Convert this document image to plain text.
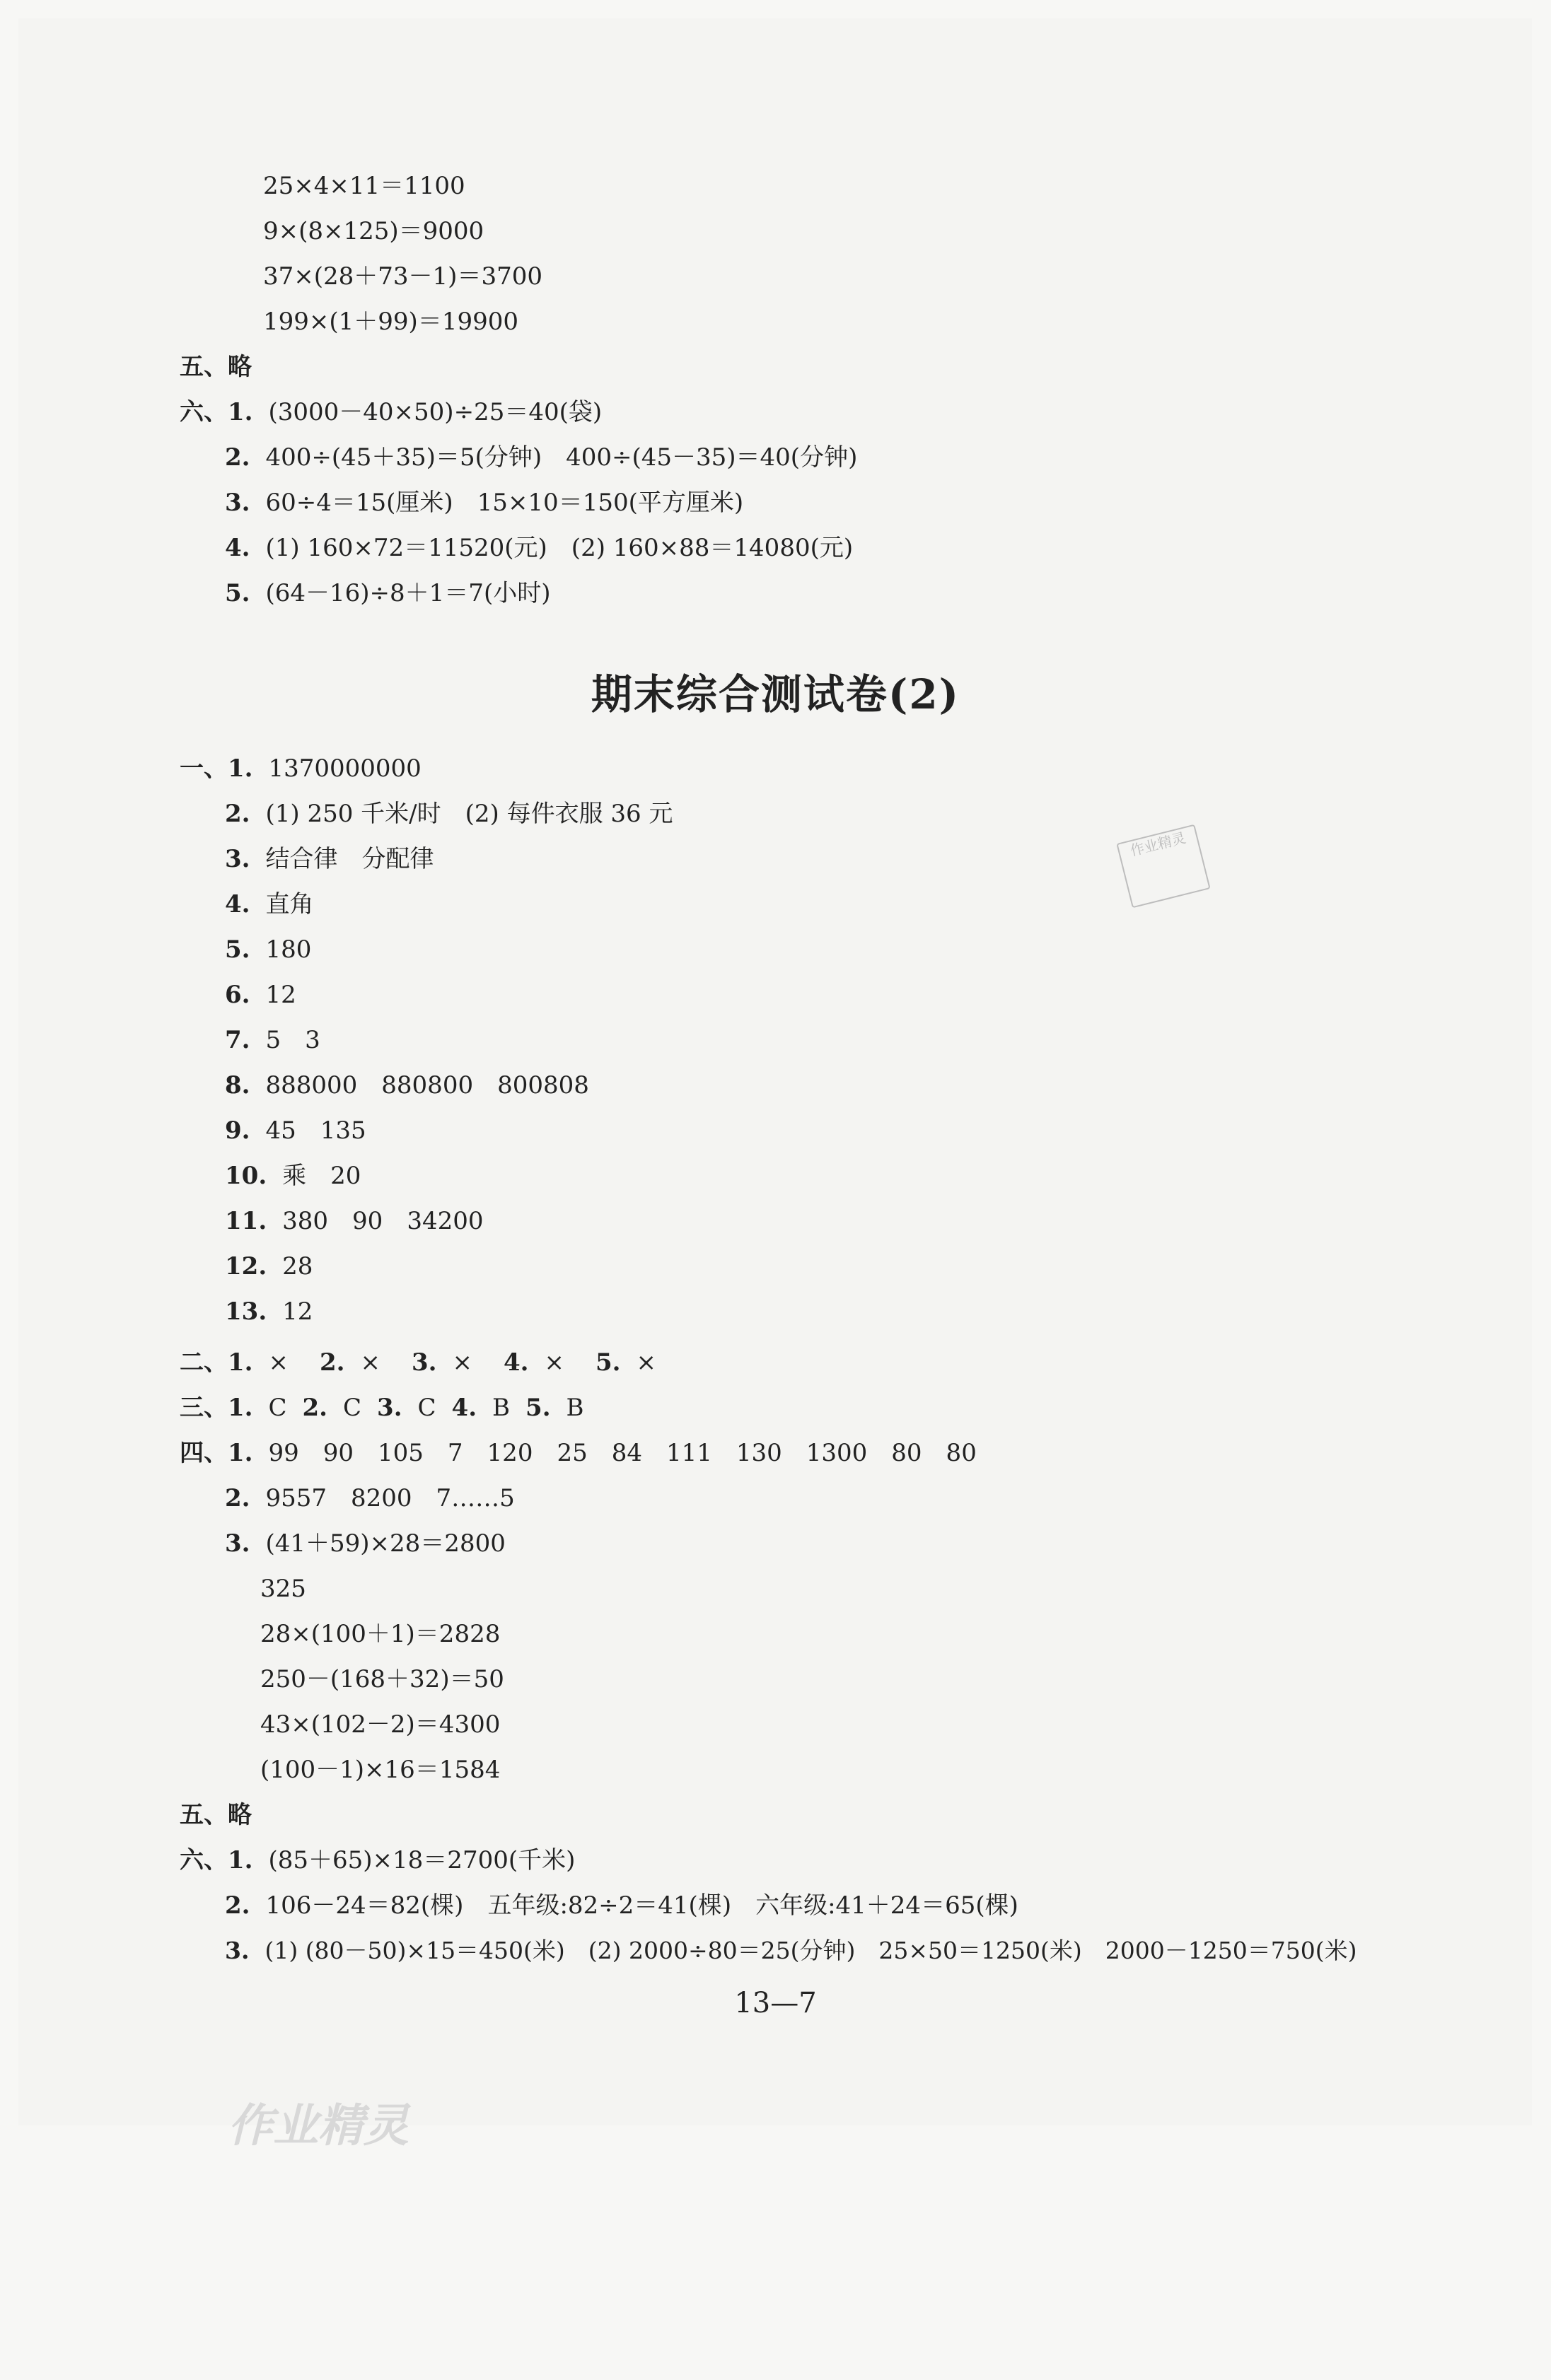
25×4×11＝1100
9×(8×125)＝9000
37×(28＋73－1)＝3700
199×(1＋99)＝19900
五、略
六、1. (3000－40×50)÷25＝40(袋)
2. 400÷(45＋35)＝5(分钟)　400÷(45－35)＝40(分钟)
3. 60÷4＝15(厘米)　15×10＝150(平方厘米)
4. (1) 160×72＝11520(元)　(2) 160×88＝14080(元)
5. (64－16)÷8＋1＝7(小时)
期末综合测试卷(2)
一、1. 1370000000
2. (1) 250 千米/时　(2) 每件衣服 36 元
3. 结合律　分配律
4. 直角
5. 180
6. 12
7. 5　3
8. 888000　880800　800808
9. 45　135
10. 乘　20
11. 380　90　34200
12. 28
13. 12
二、1. × 2. × 3. × 4. × 5. ×
三、1. C 2. C 3. C 4. B 5. B
四、1. 99　90　105　7　120　25　84　111　130　1300　80　80
2. 9557　8200　7……5
3. (41＋59)×28＝2800
325
28×(100＋1)＝2828
250－(168＋32)＝50
43×(102－2)＝4300
(100－1)×16＝1584
五、略
六、1. (85＋65)×18＝2700(千米)
2. 106－24＝82(棵)　五年级:82÷2＝41(棵)　六年级:41＋24＝65(棵)
3. (1) (80－50)×15＝450(米)　(2) 2000÷80＝25(分钟)　25×50＝1250(米)　2000－1250＝750(米)
13—7
作业精灵
作业精灵
